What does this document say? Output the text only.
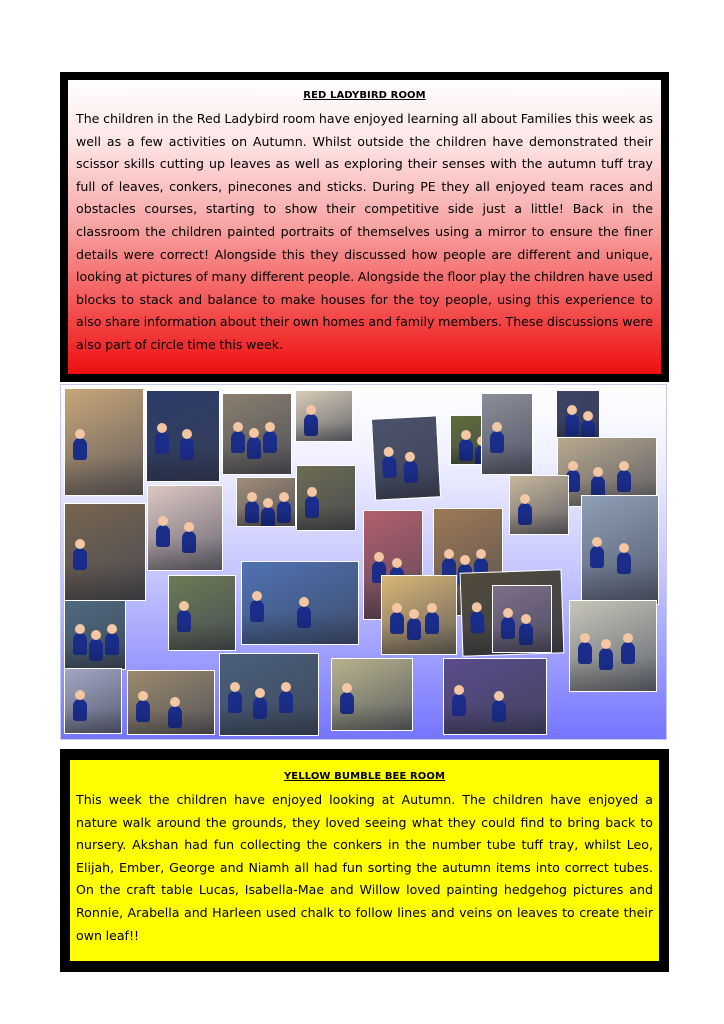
RED LADYBIRD ROOM

The children in the Red Ladybird room have enjoyed learning all about Families this week as well as a few activities on Autumn. Whilst outside the children have demonstrated their scissor skills cutting up leaves as well as exploring their senses with the autumn tuff tray full of leaves, conkers, pinecones and sticks. During PE they all enjoyed team races and obstacles courses, starting to show their competitive side just a little! Back in the classroom the children painted portraits of themselves using a mirror to ensure the finer details were correct! Alongside this they discussed how people are different and unique, looking at pictures of many different people. Alongside the floor play the children have used blocks to stack and balance to make houses for the toy people, using this experience to also share information about their own homes and family members. These discussions were also part of circle time this week.

YELLOW BUMBLE BEE ROOM

This week the children have enjoyed looking at Autumn. The children have enjoyed a nature walk around the grounds, they loved seeing what they could find to bring back to nursery. Akshan had fun collecting the conkers in the number tube tuff tray, whilst Leo, Elijah, Ember, George and Niamh all had fun sorting the autumn items into correct tubes. On the craft table Lucas, Isabella-Mae and Willow loved painting hedgehog pictures and Ronnie, Arabella and Harleen used chalk to follow lines and veins on leaves to create their own leaf!!
